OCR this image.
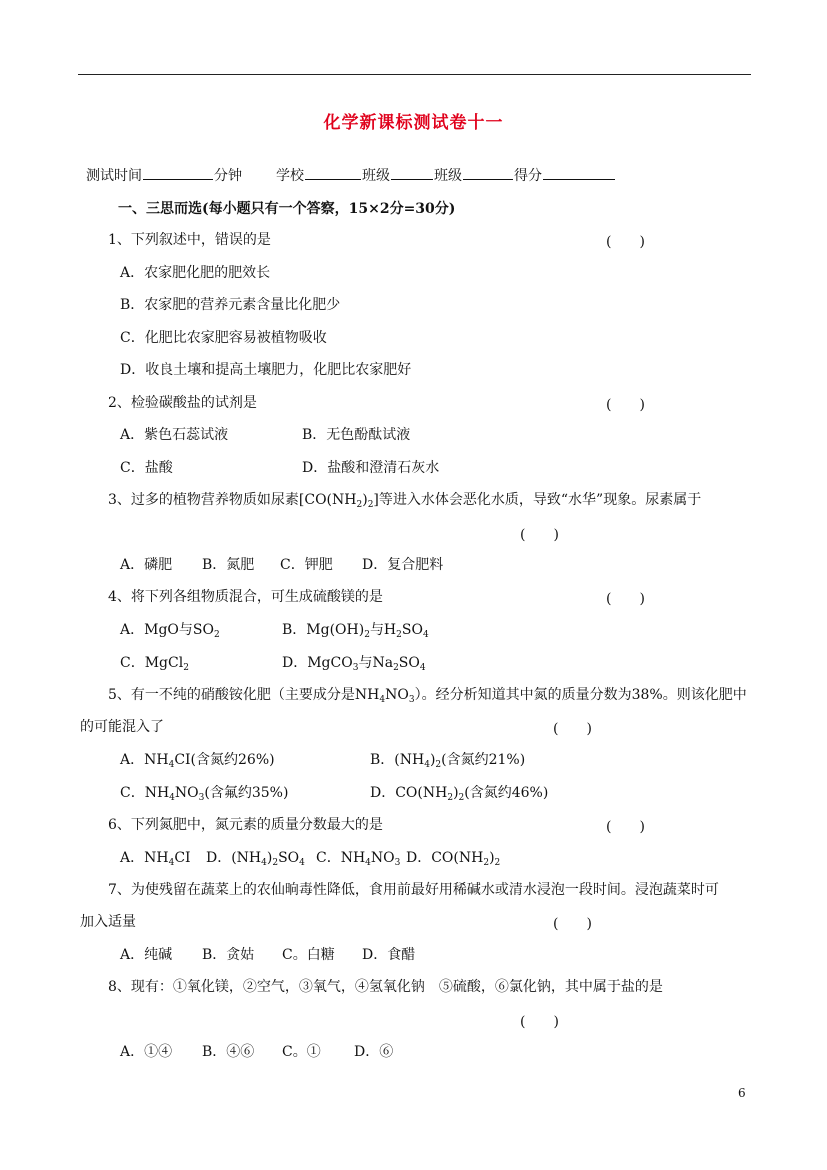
化学新课标测试卷十一
测试时间	分钟 学校	班级	班级	得分
一、三思而选(每小题只有一个答察，15×2分=30分)
1、下列叙述中，错误的是	(　　)
A．农家肥化肥的肥效长
B．农家肥的营养元素含量比化肥少
C．化肥比农家肥容易被植物吸收
D．收良土壤和提高土壤肥力，化肥比农家肥好
2、检验碳酸盐的试剂是	(　　)
A．紫色石蕊试液	B．无色酚酞试液
C．盐酸	D．盐酸和澄清石灰水
3、过多的植物营养物质如尿素$[CO(NH_2)_2]$等进入水体会恶化水质，导致“水华”现象。尿素属于
(　　)
A．磷肥 B．氮肥 C．钾肥 D．复合肥料
4、将下列各组物质混合，可生成硫酸镁的是	(　　)
A．MgO与$SO_2$	B．$Mg(OH)_2$与$H_2SO_4$
C．MgCl$_2$	D．MgCO$_3$与$Na_2SO_4$
5、有一不纯的硝酸铵化肥（主要成分是$NH_4NO_3$）。经分析知道其中氮的质量分数为38%。则该化肥中
的可能混入了	(　　)
A．$NH_4CI$(含氮约26%)	B．$(NH_4)_2$(含氮约21%)
C．$NH_4NO_3$(含氟约35%)	D．$CO(NH_2)_2$(含氮约46%)
6、下列氮肥中，氮元素的质量分数最大的是	(　　)
A．$NH_4CI$ D．$(NH_4)_2SO_4$ C．$NH_4NO_3$ D．$CO(NH_2)_2$
7、为使残留在蔬菜上的农仙晌毒性降低，食用前最好用稀碱水或清水浸泡一段时间。浸泡蔬菜时可
加入适量	(　　)
A．纯碱 B．贪姑 C。白糖 D．食醋
8、现有：①氧化镁，②空气，③氧气，④氢氧化钠　⑤硫酸，⑥氯化钠，其中属于盐的是
(　　)
A．①④ B．④⑥ C。① D．⑥
6
